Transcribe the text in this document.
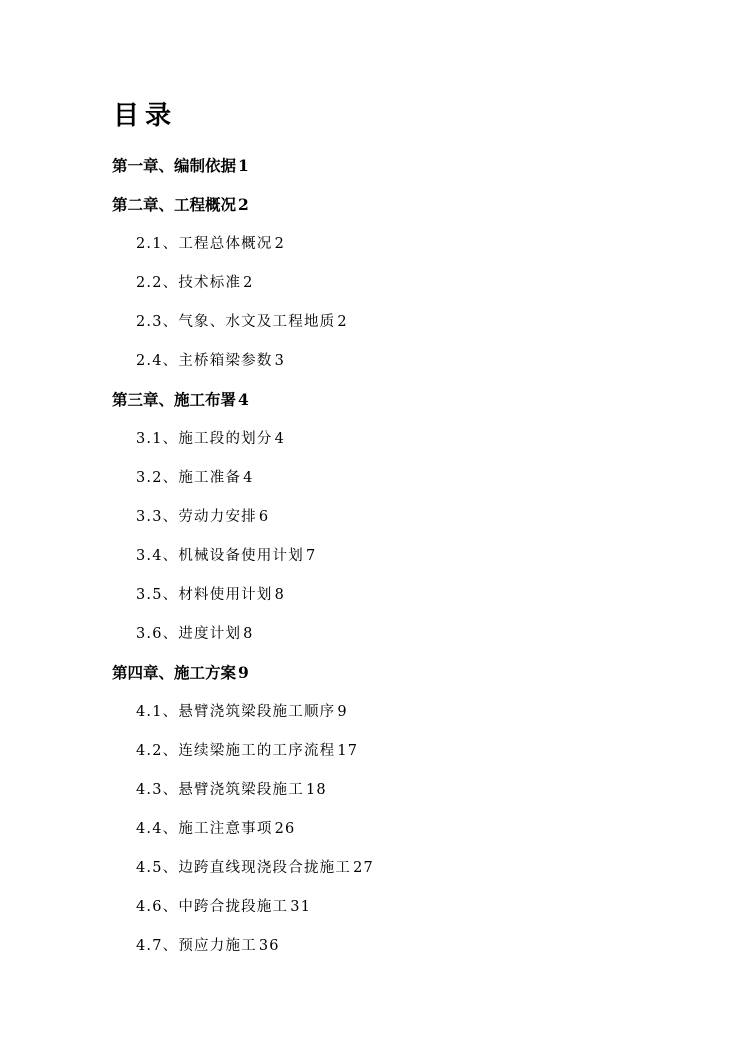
目录
第一章、编制依据 1
第二章、工程概况 2
2.1、工程总体概况 2
2.2、技术标准 2
2.3、气象、水文及工程地质 2
2.4、主桥箱梁参数 3
第三章、施工布署 4
3.1、施工段的划分 4
3.2、施工准备 4
3.3、劳动力安排 6
3.4、机械设备使用计划 7
3.5、材料使用计划 8
3.6、进度计划 8
第四章、施工方案 9
4.1、悬臂浇筑梁段施工顺序 9
4.2、连续梁施工的工序流程 17
4.3、悬臂浇筑梁段施工 18
4.4、施工注意事项 26
4.5、边跨直线现浇段合拢施工 27
4.6、中跨合拢段施工 31
4.7、预应力施工 36
